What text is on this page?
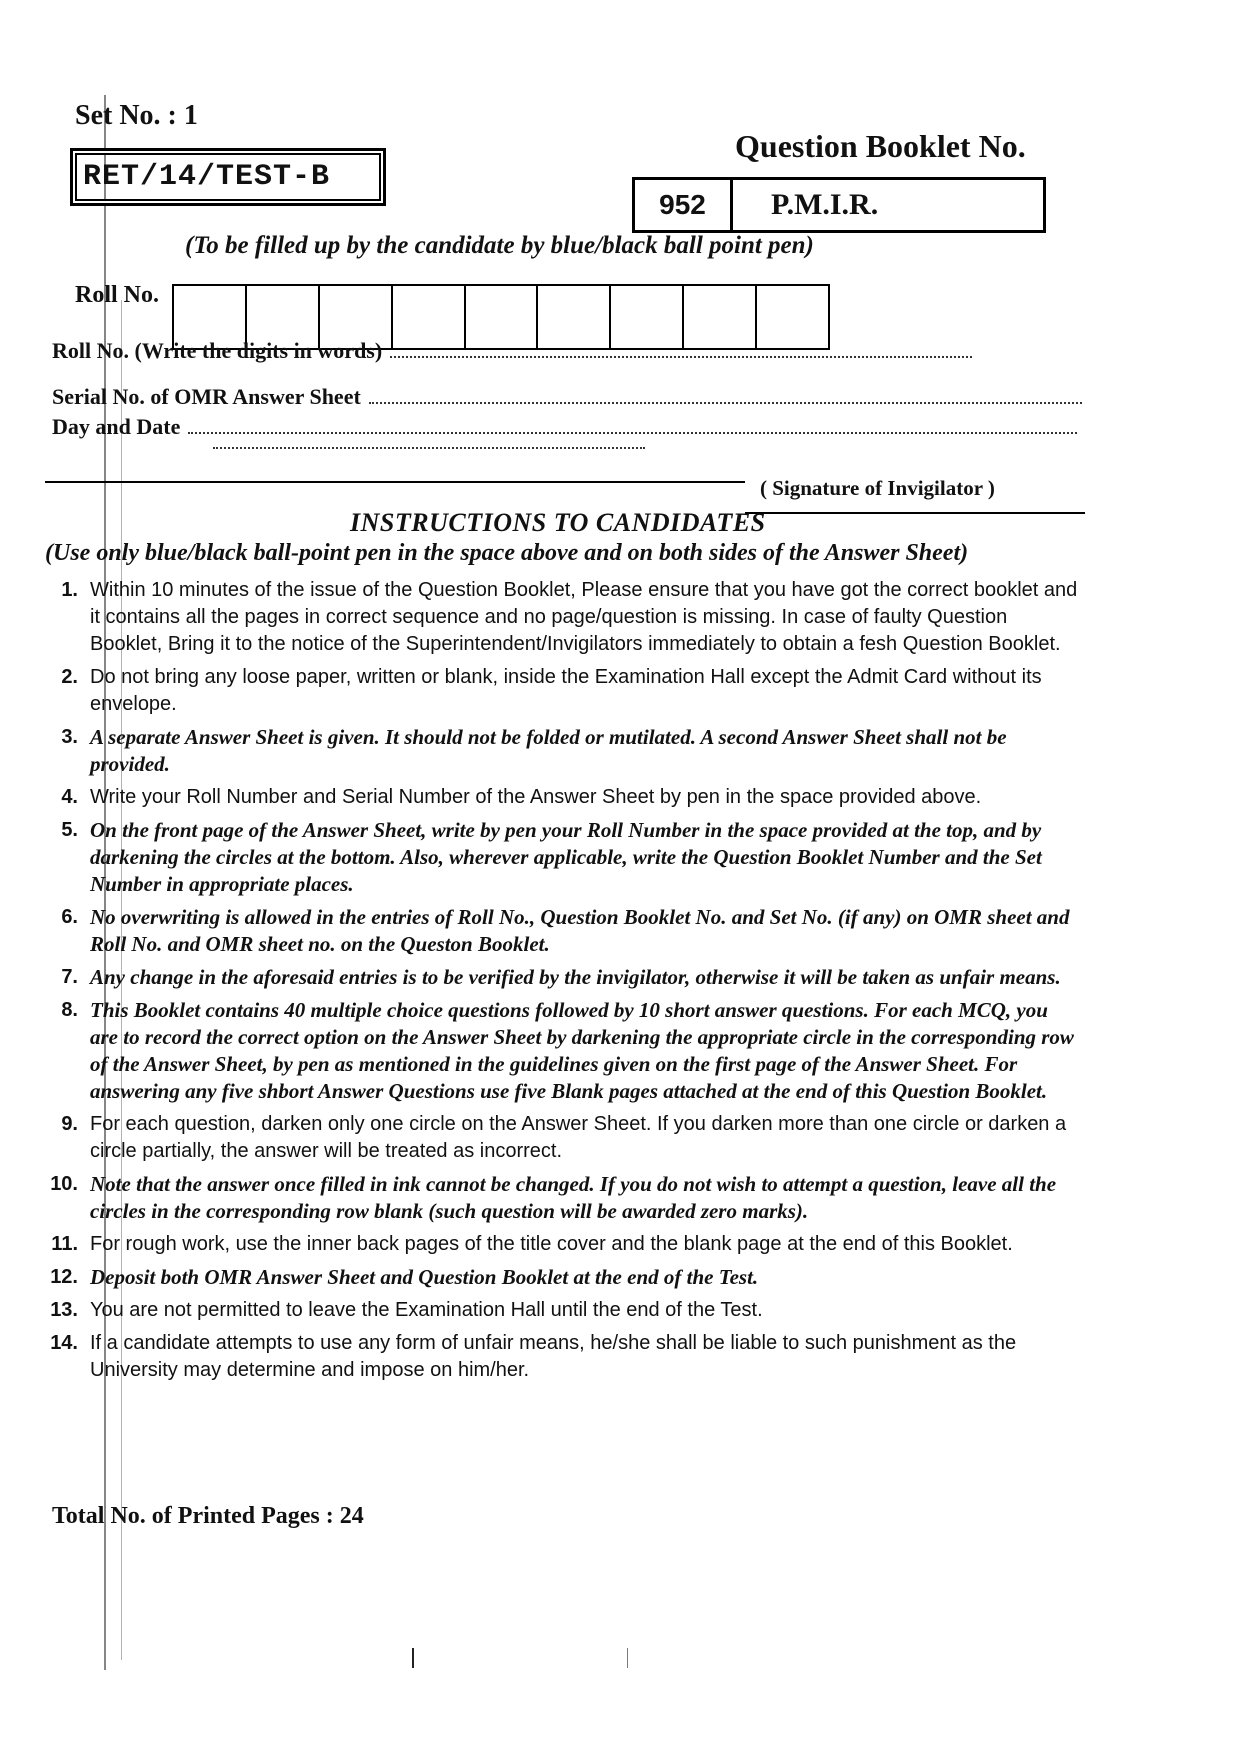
Set No. : 1
RET/14/TEST-B
Question Booklet No.
952	P.M.I.R.
(To be filled up by the candidate by blue/black ball point pen)
Roll No.
Roll No. (Write the digits in words)
Serial No. of OMR Answer Sheet
Day and Date
( Signature of Invigilator )
INSTRUCTIONS TO CANDIDATES
(Use only blue/black ball-point pen in the space above and on both sides of the Answer Sheet)
1. Within 10 minutes of the issue of the Question Booklet, Please ensure that you have got the correct booklet and it contains all the pages in correct sequence and no page/question is missing. In case of faulty Question Booklet, Bring it to the notice of the Superintendent/Invigilators immediately to obtain a fesh Question Booklet.
2. Do not bring any loose paper, written or blank, inside the Examination Hall except the Admit Card without its envelope.
3. A separate Answer Sheet is given. It should not be folded or mutilated. A second Answer Sheet shall not be provided.
4. Write your Roll Number and Serial Number of the Answer Sheet by pen in the space provided above.
5. On the front page of the Answer Sheet, write by pen your Roll Number in the space provided at the top, and by darkening the circles at the bottom. Also, wherever applicable, write the Question Booklet Number and the Set Number in appropriate places.
6. No overwriting is allowed in the entries of Roll No., Question Booklet No. and Set No. (if any) on OMR sheet and Roll No. and OMR sheet no. on the Queston Booklet.
7. Any change in the aforesaid entries is to be verified by the invigilator, otherwise it will be taken as unfair means.
8. This Booklet contains 40 multiple choice questions followed by 10 short answer questions. For each MCQ, you are to record the correct option on the Answer Sheet by darkening the appropriate circle in the corresponding row of the Answer Sheet, by pen as mentioned in the guidelines given on the first page of the Answer Sheet. For answering any five shbort Answer Questions use five Blank pages attached at the end of this Question Booklet.
9. For each question, darken only one circle on the Answer Sheet. If you darken more than one circle or darken a circle partially, the answer will be treated as incorrect.
10. Note that the answer once filled in ink cannot be changed. If you do not wish to attempt a question, leave all the circles in the corresponding row blank (such question will be awarded zero marks).
11. For rough work, use the inner back pages of the title cover and the blank page at the end of this Booklet.
12. Deposit both OMR Answer Sheet and Question Booklet at the end of the Test.
13. You are not permitted to leave the Examination Hall until the end of the Test.
14. If a candidate attempts to use any form of unfair means, he/she shall be liable to such punishment as the University may determine and impose on him/her.
Total No. of Printed Pages : 24
